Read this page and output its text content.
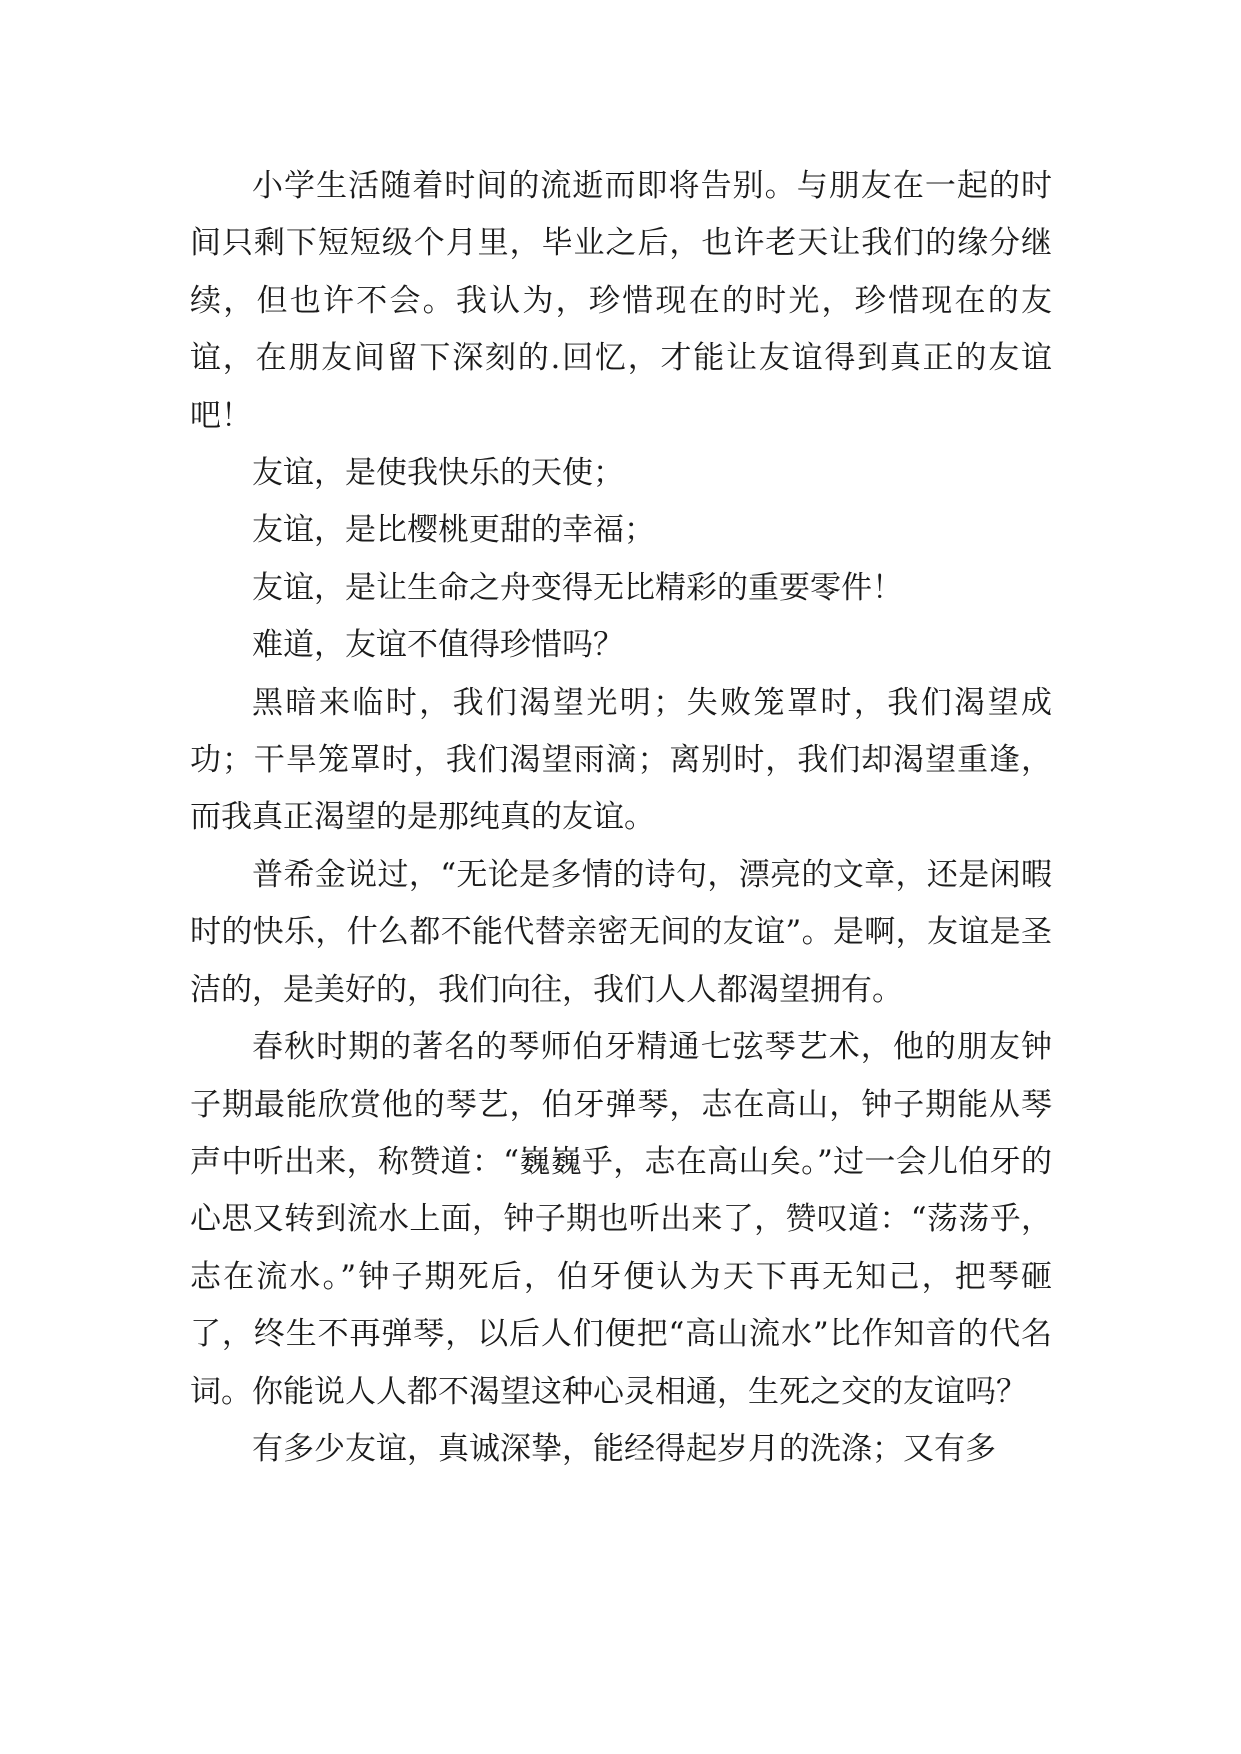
小学生活随着时间的流逝而即将告别。与朋友在一起的时间只剩下短短级个月里，毕业之后，也许老天让我们的缘分继续，但也许不会。我认为，珍惜现在的时光，珍惜现在的友谊，在朋友间留下深刻的.回忆，才能让友谊得到真正的友谊吧！

友谊，是使我快乐的天使；

友谊，是比樱桃更甜的幸福；

友谊，是让生命之舟变得无比精彩的重要零件！

难道，友谊不值得珍惜吗？

黑暗来临时，我们渴望光明；失败笼罩时，我们渴望成功；干旱笼罩时，我们渴望雨滴；离别时，我们却渴望重逢，而我真正渴望的是那纯真的友谊。

普希金说过，“无论是多情的诗句，漂亮的文章，还是闲暇时的快乐，什么都不能代替亲密无间的友谊”。是啊，友谊是圣洁的，是美好的，我们向往，我们人人都渴望拥有。

春秋时期的著名的琴师伯牙精通七弦琴艺术，他的朋友钟子期最能欣赏他的琴艺，伯牙弹琴，志在高山，钟子期能从琴声中听出来，称赞道：“巍巍乎，志在高山矣。”过一会儿伯牙的心思又转到流水上面，钟子期也听出来了，赞叹道：“荡荡乎，志在流水。”钟子期死后，伯牙便认为天下再无知己，把琴砸了，终生不再弹琴，以后人们便把“高山流水”比作知音的代名词。你能说人人都不渴望这种心灵相通，生死之交的友谊吗？

有多少友谊，真诚深挚，能经得起岁月的洗涤；又有多
